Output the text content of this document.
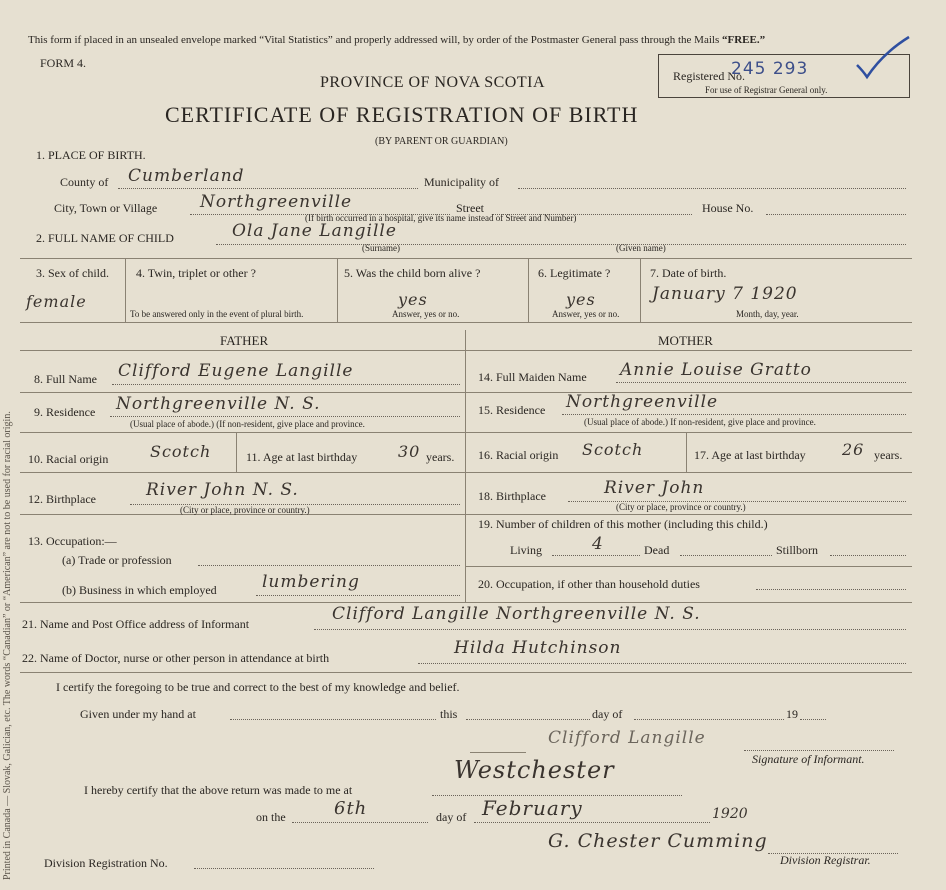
Printed in Canada — Slovak, Galician, etc. The words “Canadian” or “American” are not to be used for racial origin.
This form if placed in an unsealed envelope marked “Vital Statistics” and properly addressed will, by order of the Postmaster General pass through the Mails “FREE.”
FORM 4.
PROVINCE OF NOVA SCOTIA
CERTIFICATE OF REGISTRATION OF BIRTH
(BY PARENT OR GUARDIAN)
Registered No.
245 293
For use of Registrar General only.
1. PLACE OF BIRTH.
County of Cumberland	Municipality of
City, Town or Village	Northgreenville	Street	House No.
(If birth occurred in a hospital, give its name instead of Street and Number)
2. FULL NAME OF CHILD	Ola Jane Langille
(Surname)	(Given name)
3. Sex of child.
female
4. Twin, triplet or other ?
To be answered only in the event of plural birth.
5. Was the child born alive ?
yes
Answer, yes or no.
6. Legitimate ?
yes
Answer, yes or no.
7. Date of birth.
January 7 1920
Month, day, year.
FATHER	MOTHER
8. Full Name Clifford Eugene Langille
9. Residence Northgreenville N. S.
(Usual place of abode.) (If non-resident, give place and province.
10. Racial origin	Scotch	11. Age at last birthday	30 years.
12. Birthplace	River John N. S.
(City or place, province or country.)
13. Occupation:—
(a) Trade or profession
(b) Business in which employed	lumbering
14. Full Maiden Name Annie Louise Gratto
15. Residence Northgreenville
(Usual place of abode.) If non-resident, give place and province.
16. Racial origin Scotch	17. Age at last birthday 26 years.
18. Birthplace	River John
(City or place, province or country.)
19. Number of children of this mother (including this child.)
Living	4	Dead	Stillborn
20. Occupation, if other than household duties
21. Name and Post Office address of Informant	Clifford Langille Northgreenville N. S.
22. Name of Doctor, nurse or other person in attendance at birth	Hilda Hutchinson
I certify the foregoing to be true and correct to the best of my knowledge and belief.
Given under my hand at	this	day of	19
Clifford Langille
Signature of Informant.
I hereby certify that the above return was made to me at
Westchester
on the	6th	day of February	1920
G. Chester Cumming
Division Registrar.
Division Registration No.
